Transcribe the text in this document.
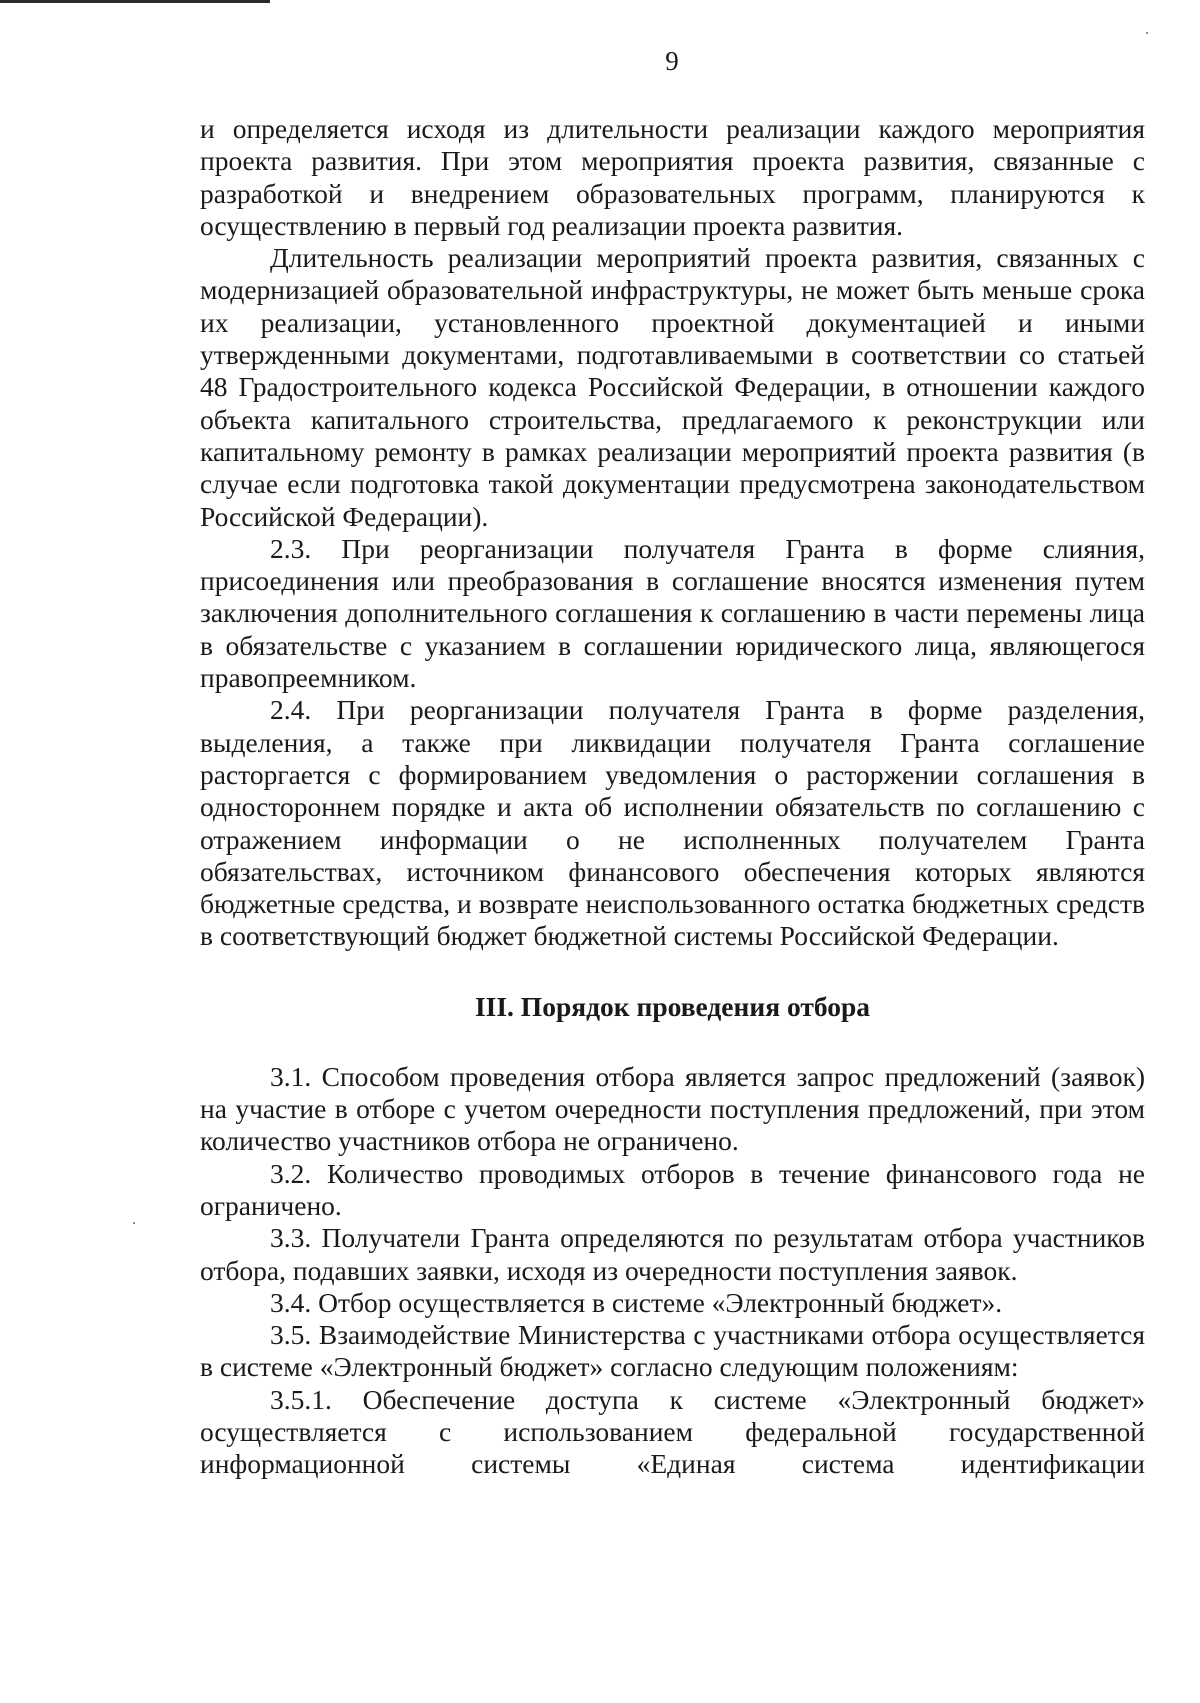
9

и определяется исходя из длительности реализации каждого мероприятия проекта развития. При этом мероприятия проекта развития, связанные с разработкой и внедрением образовательных программ, планируются к осуществлению в первый год реализации проекта развития.

Длительность реализации мероприятий проекта развития, связанных с модернизацией образовательной инфраструктуры, не может быть меньше срока их реализации, установленного проектной документацией и иными утвержденными документами, подготавливаемыми в соответствии со статьей 48 Градостроительного кодекса Российской Федерации, в отношении каждого объекта капитального строительства, предлагаемого к реконструкции или капитальному ремонту в рамках реализации мероприятий проекта развития (в случае если подготовка такой документации предусмотрена законодательством Российской Федерации).

2.3. При реорганизации получателя Гранта в форме слияния, присоединения или преобразования в соглашение вносятся изменения путем заключения дополнительного соглашения к соглашению в части перемены лица в обязательстве с указанием в соглашении юридического лица, являющегося правопреемником.

2.4. При реорганизации получателя Гранта в форме разделения, выделения, а также при ликвидации получателя Гранта соглашение расторгается с формированием уведомления о расторжении соглашения в одностороннем порядке и акта об исполнении обязательств по соглашению с отражением информации о не исполненных получателем Гранта обязательствах, источником финансового обеспечения которых являются бюджетные средства, и возврате неиспользованного остатка бюджетных средств в соответствующий бюджет бюджетной системы Российской Федерации.

III. Порядок проведения отбора

3.1. Способом проведения отбора является запрос предложений (заявок) на участие в отборе с учетом очередности поступления предложений, при этом количество участников отбора не ограничено.

3.2. Количество проводимых отборов в течение финансового года не ограничено.

3.3. Получатели Гранта определяются по результатам отбора участников отбора, подавших заявки, исходя из очередности поступления заявок.

3.4. Отбор осуществляется в системе «Электронный бюджет».

3.5. Взаимодействие Министерства с участниками отбора осуществляется в системе «Электронный бюджет» согласно следующим положениям:

3.5.1. Обеспечение доступа к системе «Электронный бюджет» осуществляется с использованием федеральной государственной информационной системы «Единая система идентификации
